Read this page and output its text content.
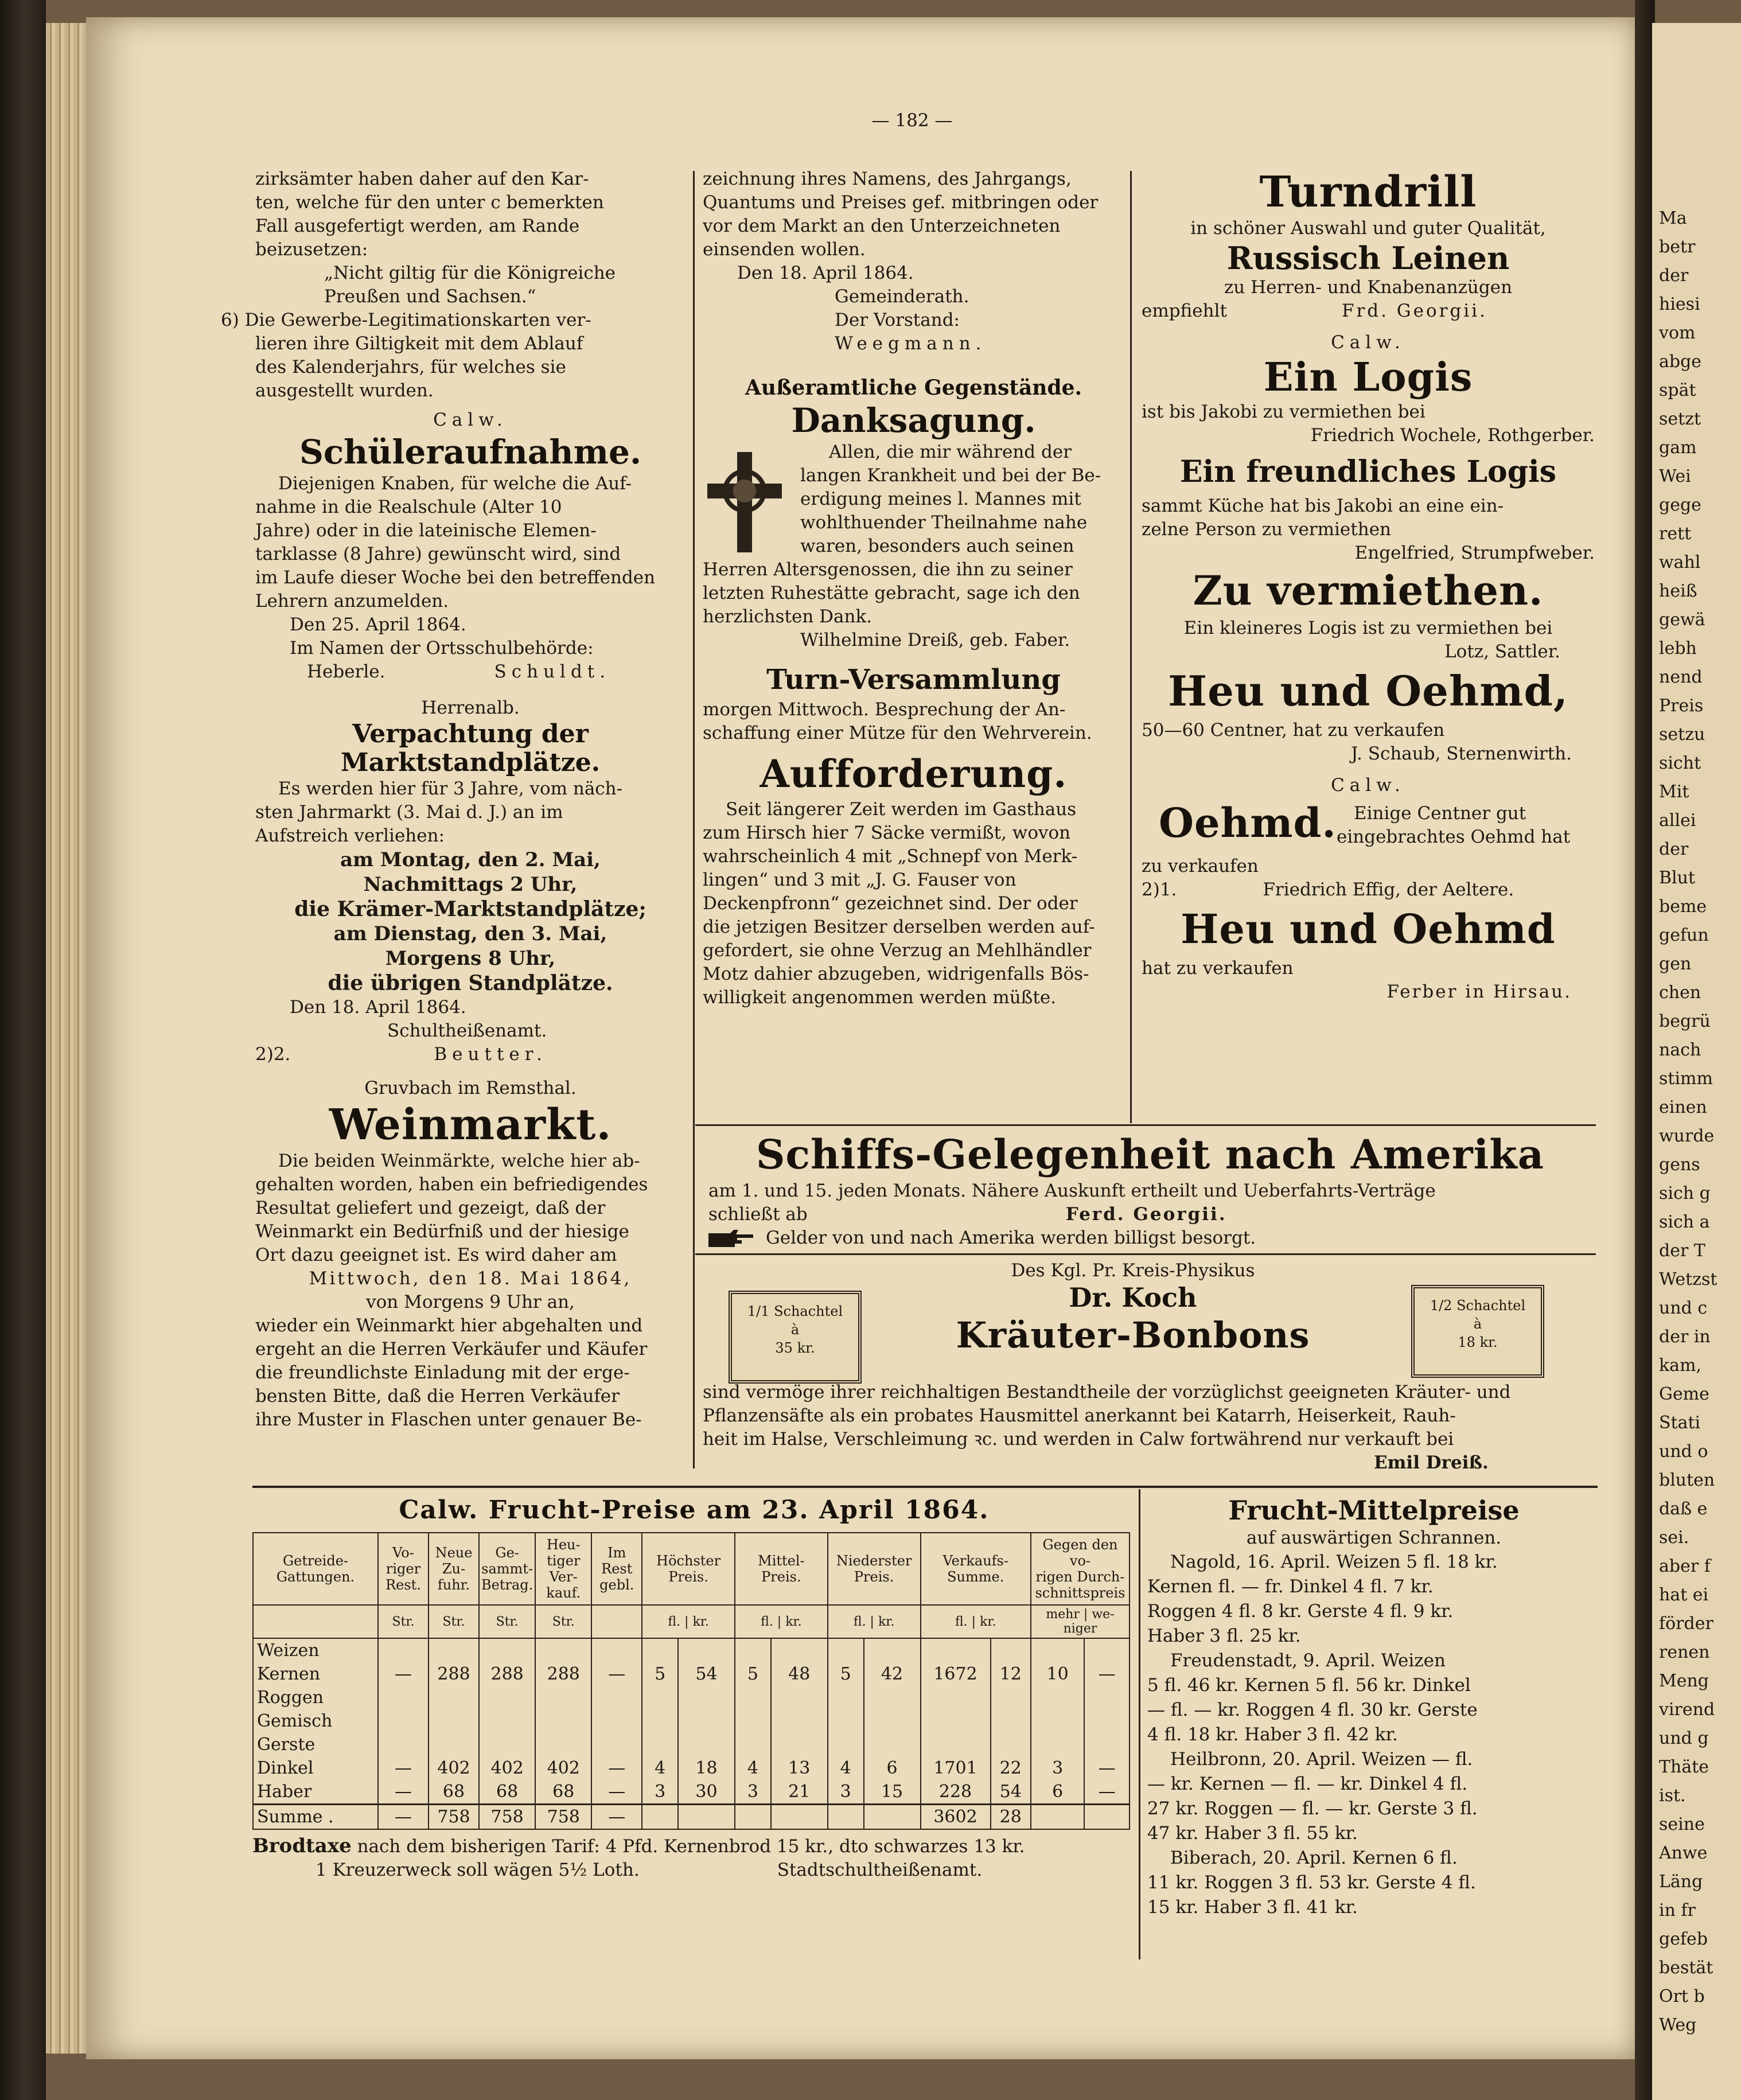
Ma
betr
der
hiesi
vom
abge
spät
setzt
gam
Wei
gege
rett
wahl
heiß
gewä
lebh
nend
Preis
setzu
sicht
Mit
allei
der
Blut
beme
gefun
gen
chen
begrü
nach
stimm
einen
wurde
gens
sich g
sich a
der T
Wetzst
und c
der in
kam,
Geme
Stati
und o
bluten
daß e
sei.
aber f
hat ei
förder
renen
Meng
virend
und g
Thäte
ist.
seine
Anwe
Läng
in fr
gefeb
bestät
Ort b
Weg
— 182 —
zirksämter haben daher auf den Kar-
ten, welche für den unter c bemerkten
Fall ausgefertigt werden, am Rande
beizusetzen:
„Nicht giltig für die Königreiche
Preußen und Sachsen.“
6) Die Gewerbe-Legitimationskarten ver-
lieren ihre Giltigkeit mit dem Ablauf
des Kalenderjahrs, für welches sie
ausgestellt wurden.
Calw.
Schüleraufnahme.
Diejenigen Knaben, für welche die Auf-
nahme in die Realschule (Alter 10
Jahre) oder in die lateinische Elemen-
tarklasse (8 Jahre) gewünscht wird, sind
im Laufe dieser Woche bei den betreffenden
Lehrern anzumelden.
Den 25. April 1864.
Im Namen der Ortsschulbehörde:
Heberle.	Schuldt.
Herrenalb.
Verpachtung der Marktstandplätze.
Es werden hier für 3 Jahre, vom näch-
sten Jahrmarkt (3. Mai d. J.) an im
Aufstreich verliehen:
am Montag, den 2. Mai,
Nachmittags 2 Uhr,
die Krämer-Marktstandplätze;
am Dienstag, den 3. Mai,
Morgens 8 Uhr,
die übrigen Standplätze.
Den 18. April 1864.
Schultheißenamt.
2)2.	Beutter.
Gruvbach im Remsthal.
Weinmarkt.
Die beiden Weinmärkte, welche hier ab-
gehalten worden, haben ein befriedigendes
Resultat geliefert und gezeigt, daß der
Weinmarkt ein Bedürfniß und der hiesige
Ort dazu geeignet ist. Es wird daher am
Mittwoch, den 18. Mai 1864,
von Morgens 9 Uhr an,
wieder ein Weinmarkt hier abgehalten und
ergeht an die Herren Verkäufer und Käufer
die freundlichste Einladung mit der erge-
bensten Bitte, daß die Herren Verkäufer
ihre Muster in Flaschen unter genauer Be-
zeichnung ihres Namens, des Jahrgangs,
Quantums und Preises gef. mitbringen oder
vor dem Markt an den Unterzeichneten
einsenden wollen.
Den 18. April 1864.
Gemeinderath.
Der Vorstand:
Weegmann.
Außeramtliche Gegenstände.
Danksagung.
Allen, die mir während der
langen Krankheit und bei der Be-
erdigung meines l. Mannes mit
wohlthuender Theilnahme nahe
waren, besonders auch seinen
Herren Altersgenossen, die ihn zu seiner
letzten Ruhestätte gebracht, sage ich den
herzlichsten Dank.
Wilhelmine Dreiß, geb. Faber.
Turn-Versammlung
morgen Mittwoch. Besprechung der An-
schaffung einer Mütze für den Wehrverein.
Aufforderung.
Seit längerer Zeit werden im Gasthaus
zum Hirsch hier 7 Säcke vermißt, wovon
wahrscheinlich 4 mit „Schnepf von Merk-
lingen“ und 3 mit „J. G. Fauser von
Deckenpfronn“ gezeichnet sind. Der oder
die jetzigen Besitzer derselben werden auf-
gefordert, sie ohne Verzug an Mehlhändler
Motz dahier abzugeben, widrigenfalls Bös-
willigkeit angenommen werden müßte.
Turndrill
in schöner Auswahl und guter Qualität,
Russisch Leinen
zu Herren- und Knabenanzügen
empfiehlt	Frd. Georgii.
Calw.
Ein Logis
ist bis Jakobi zu vermiethen bei
Friedrich Wochele, Rothgerber.
Ein freundliches Logis
sammt Küche hat bis Jakobi an eine ein-
zelne Person zu vermiethen
Engelfried, Strumpfweber.
Zu vermiethen.
Ein kleineres Logis ist zu vermiethen bei
Lotz, Sattler.
Heu und Oehmd,
50—60 Centner, hat zu verkaufen
J. Schaub, Sternenwirth.
Calw.
Oehmd. Einige Centner gut
eingebrachtes Oehmd hat
zu verkaufen
2)1.	Friedrich Effig, der Aeltere.
Heu und Oehmd
hat zu verkaufen
Ferber in Hirsau.
Schiffs-Gelegenheit nach Amerika
am 1. und 15. jeden Monats. Nähere Auskunft ertheilt und Ueberfahrts-Verträge
schließt ab	Ferd. Georgii.
Gelder von und nach Amerika werden billigst besorgt.
1/1 Schachtel
à
35 kr.
1/2 Schachtel
à
18 kr.
Des Kgl. Pr. Kreis-Physikus
Dr. Koch
Kräuter-Bonbons
sind vermöge ihrer reichhaltigen Bestandtheile der vorzüglichst geeigneten Kräuter- und
Pflanzensäfte als ein probates Hausmittel anerkannt bei Katarrh, Heiserkeit, Rauh-
heit im Halse, Verschleimung ꝛc. und werden in Calw fortwährend nur verkauft bei
Emil Dreiß.
Calw. Frucht-Preise am 23. April 1864.
Getreide-
Gattungen.	Vo-
riger
Rest.	Neue
Zu-
fuhr.	Ge-
sammt-
Betrag.	Heu-
tiger
Ver-
kauf.	Im
Rest
gebl.	Höchster
Preis.		Mittel-
Preis.		Niederster
Preis.		Verkaufs-
Summe.		Gegen den vo-
rigen Durch-
schnittspreis	
	Str.	Str.	Str.	Str.		fl. | kr.		fl. | kr.		fl. | kr.		fl. | kr.		mehr | we-
niger	
Weizen															
Kernen	—	288	288	288	—	5	54	5	48	5	42	1672	12	10	—
Roggen															
Gemisch															
Gerste															
Dinkel	—	402	402	402	—	4	18	4	13	4	6	1701	22	3	—
Haber	—	68	68	68	—	3	30	3	21	3	15	228	54	6	—
Summe .	—	758	758	758	—							3602	28		
Brodtaxe nach dem bisherigen Tarif: 4 Pfd. Kernenbrod 15 kr., dto schwarzes 13 kr.
1 Kreuzerweck soll wägen 5½ Loth.	Stadtschultheißenamt.
Frucht-Mittelpreise
auf auswärtigen Schrannen.
Nagold, 16. April. Weizen 5 fl. 18 kr.
Kernen fl. — fr. Dinkel 4 fl. 7 kr.
Roggen 4 fl. 8 kr. Gerste 4 fl. 9 kr.
Haber 3 fl. 25 kr.
Freudenstadt, 9. April. Weizen
5 fl. 46 kr. Kernen 5 fl. 56 kr. Dinkel
— fl. — kr. Roggen 4 fl. 30 kr. Gerste
4 fl. 18 kr. Haber 3 fl. 42 kr.
Heilbronn, 20. April. Weizen — fl.
— kr. Kernen — fl. — kr. Dinkel 4 fl.
27 kr. Roggen — fl. — kr. Gerste 3 fl.
47 kr. Haber 3 fl. 55 kr.
Biberach, 20. April. Kernen 6 fl.
11 kr. Roggen 3 fl. 53 kr. Gerste 4 fl.
15 kr. Haber 3 fl. 41 kr.
